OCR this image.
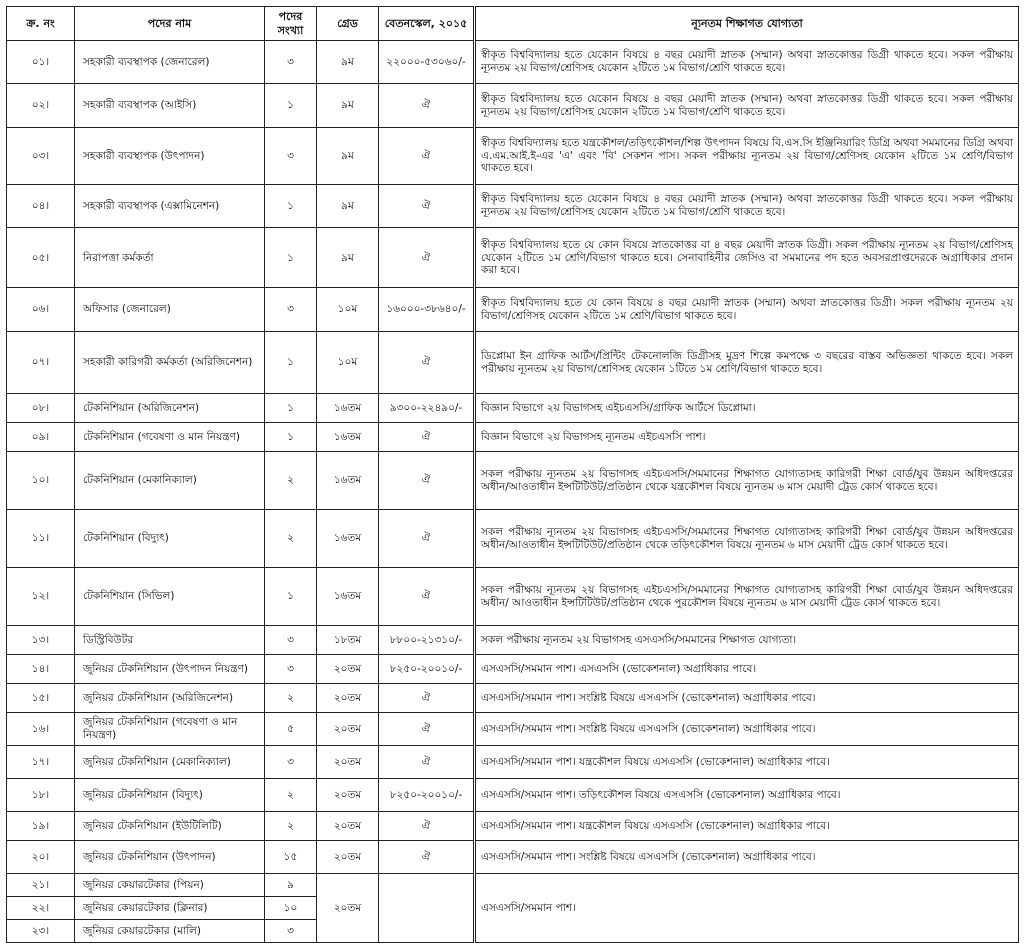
ক্র. নং	পদের নাম	পদের সংখ্যা	গ্রেড	বেতনস্কেল, ২০১৫	ন্যূনতম শিক্ষাগত যোগ্যতা
০১।	সহকারী ব্যবস্থাপক (জেনারেল)	৩	৯ম	২২০০০-৫৩০৬০/-	স্বীকৃত বিশ্ববিদ্যালয় হতে যেকোন বিষয়ে ৪ বছর মেয়াদী স্নাতক (সম্মান) অথবা স্নাতকোত্তর ডিগ্রী থাকতে হবে। সকল পরীক্ষায় ন্যূনতম ২য় বিভাগ/শ্রেণিসহ যেকোন ২টিতে ১ম বিভাগ/শ্রেণি থাকতে হবে।
০২।	সহকারী ব্যবস্থাপক (আইসি)	১	৯ম	ঐ	স্বীকৃত বিশ্ববিদ্যালয় হতে যেকোন বিষয়ে ৪ বছর মেয়াদী স্নাতক (সম্মান) অথবা স্নাতকোত্তর ডিগ্রী থাকতে হবে। সকল পরীক্ষায় ন্যূনতম ২য় বিভাগ/শ্রেণিসহ যেকোন ২টিতে ১ম বিভাগ/শ্রেণি থাকতে হবে।
০৩।	সহকারী ব্যবস্থাপক (উৎপাদন)	৩	৯ম	ঐ	স্বীকৃত বিশ্ববিদ্যালয় হতে যন্ত্রকৌশল/তড়িৎকৌশল/শিল্প উৎপাদন বিষয়ে বি.এস.সি ইঞ্জিনিয়ারিং ডিগ্রি অথবা সমমানের ডিগ্রি অথবা এ.এম.আই.ই-এর 'এ' এবং 'বি' সেকশন পাস। সকল পরীক্ষায় ন্যূনতম ২য় বিভাগ/শ্রেণিসহ যেকোন ২টিতে ১ম শ্রেণি/বিভাগ থাকতে হবে।
০৪।	সহকারী ব্যবস্থাপক (এক্সামিনেশন)	১	৯ম	ঐ	স্বীকৃত বিশ্ববিদ্যালয় হতে যেকোন বিষয়ে ৪ বছর মেয়াদী স্নাতক (সম্মান) অথবা স্নাতকোত্তর ডিগ্রী থাকতে হবে। সকল পরীক্ষায় ন্যূনতম ২য় বিভাগ/শ্রেণিসহ যেকোন ২টিতে ১ম বিভাগ/শ্রেণি থাকতে হবে।
০৫।	নিরাপত্তা কর্মকর্তা	১	৯ম	ঐ	স্বীকৃত বিশ্ববিদ্যালয় হতে যে কোন বিষয়ে স্নাতকোত্তর বা ৪ বছর মেয়াদী স্নাতক ডিগ্রী। সকল পরীক্ষায় ন্যূনতম ২য় বিভাগ/শ্রেণিসহ যেকোন ২টিতে ১ম শ্রেণি/বিভাগ থাকতে হবে। সেনাবাহিনীর জেসিও বা সমমানের পদ হতে অবসরপ্রাপ্তদেরকে অগ্রাধিকার প্রদান করা হবে।
০৬।	অফিসার (জেনারেল)	৩	১০ম	১৬০০০-৩৮৬৪০/-	স্বীকৃত বিশ্ববিদ্যালয় হতে যে কোন বিষয়ে ৪ বছর মেয়াদী স্নাতক (সম্মান) অথবা স্নাতকোত্তর ডিগ্রী। সকল পরীক্ষায় ন্যূনতম ২য় বিভাগ/শ্রেণিসহ যেকোন ২টিতে ১ম শ্রেণি/বিভাগ থাকতে হবে।
০৭।	সহকারী কারিগরী কর্মকর্তা (অরিজিনেশন)	১	১০ম	ঐ	ডিপ্লোমা ইন গ্রাফিক আর্টস/প্রিন্টিং টেকনোলজি ডিগ্রীসহ মুদ্রণ শিল্পে কমপক্ষে ৩ বছরের বাস্তব অভিজ্ঞতা থাকতে হবে। সকল পরীক্ষায় ন্যূনতম ২য় বিভাগ/শ্রেণিসহ যেকোন ১টিতে ১ম শ্রেণি/বিভাগ থাকতে হবে।
০৮।	টেকনিশিয়ান (অরিজিনেশন)	১	১৬তম	৯৩০০-২২৪৯০/-	বিজ্ঞান বিভাগে ২য় বিভাগসহ এইচএসসি/গ্রাফিক আর্টসে ডিপ্লোমা।
০৯।	টেকনিশিয়ান (গবেষণা ও মান নিয়ন্ত্রণ)	১	১৬তম	ঐ	বিজ্ঞান বিভাগে ২য় বিভাগসহ ন্যূনতম এইচএসসি পাশ।
১০।	টেকনিশিয়ান (মেকানিক্যাল)	২	১৬তম	ঐ	সকল পরীক্ষায় ন্যূনতম ২য় বিভাগসহ এইচএসসি/সমমানের শিক্ষাগত যোগ্যতাসহ কারিগরী শিক্ষা বোর্ড/যুব উন্নয়ন অধিদপ্তরের অধীন/আওতাধীন ইন্সটিটিউট/প্রতিষ্ঠান থেকে যন্ত্রকৌশল বিষয়ে ন্যূনতম ৬ মাস মেয়াদী ট্রেড কোর্স থাকতে হবে।
১১।	টেকনিশিয়ান (বিদ্যুৎ)	২	১৬তম	ঐ	সকল পরীক্ষায় ন্যূনতম ২য় বিভাগসহ এইচএসসি/সমমানের শিক্ষাগত যোগ্যতাসহ কারিগরী শিক্ষা বোর্ড/যুব উন্নয়ন অধিদপ্তরের অধীন/আওতাধীন ইন্সটিটিউট/প্রতিষ্ঠান থেকে তড়িৎকৌশল বিষয়ে ন্যূনতম ৬ মাস মেয়াদী ট্রেড কোর্স থাকতে হবে।
১২।	টেকনিশিয়ান (সিভিল)	১	১৬তম	ঐ	সকল পরীক্ষায় ন্যূনতম ২য় বিভাগসহ এইচএসসি/সমমানের শিক্ষাগত যোগ্যতাসহ কারিগরী শিক্ষা বোর্ড/যুব উন্নয়ন অধিদপ্তরের অধীন/ আওতাধীন ইন্সটিটিউট/প্রতিষ্ঠান থেকে পুরকৌশল বিষয়ে ন্যূনতম ৬ মাস মেয়াদী ট্রেড কোর্স থাকতে হবে।
১৩।	ডিস্ট্রিবিউটর	৩	১৮তম	৮৮০০-২১৩১০/-	সকল পরীক্ষায় ন্যূনতম ২য় বিভাগসহ এসএসসি/সমমানের শিক্ষাগত যোগ্যতা।
১৪।	জুনিয়র টেকনিশিয়ান (উৎপাদন নিয়ন্ত্রণ)	৩	২০তম	৮২৫০-২০০১০/-	এসএসসি/সমমান পাশ। এসএসসি (ভোকেশনাল) অগ্রাধিকার পাবে।
১৫।	জুনিয়র টেকনিশিয়ান (অরিজিনেশন)	২	২০তম	ঐ	এসএসসি/সমমান পাশ। সংশ্লিষ্ট বিষয়ে এসএসসি (ভোকেশনাল) অগ্রাধিকার পাবে।
১৬।	জুনিয়র টেকনিশিয়ান (গবেষণা ও মান নিয়ন্ত্রণ)	৫	২০তম	ঐ	এসএসসি/সমমান পাশ। সংশ্লিষ্ট বিষয়ে এসএসসি (ভোকেশনাল) অগ্রাধিকার পাবে।
১৭।	জুনিয়র টেকনিশিয়ান (মেকানিক্যাল)	৩	২০তম	ঐ	এসএসসি/সমমান পাশ। যন্ত্রকৌশল বিষয়ে এসএসসি (ভোকেশনাল) অগ্রাধিকার পাবে।
১৮।	জুনিয়র টেকনিশিয়ান (বিদ্যুৎ)	২	২০তম	৮২৫০-২০০১০/-	এসএসসি/সমমান পাশ। তড়িৎকৌশল বিষয়ে এসএসসি (ভোকেশনাল) অগ্রাধিকার পাবে।
১৯।	জুনিয়র টেকনিশিয়ান (ইউটিলিটি)	২	২০তম	ঐ	এসএসসি/সমমান পাশ। যন্ত্রকৌশল বিষয়ে এসএসসি (ভোকেশনাল) অগ্রাধিকার পাবে।
২০।	জুনিয়র টেকনিশিয়ান (উৎপাদন)	১৫	২০তম	ঐ	এসএসসি/সমমান পাশ। সংশ্লিষ্ট বিষয়ে এসএসসি (ভোকেশনাল) অগ্রাধিকার পাবে।
২১।	জুনিয়র কেয়ারটেকার (পিয়ন)	৯	২০তম		এসএসসি/সমমান পাশ।
২২।	জুনিয়র কেয়ারটেকার (ক্লিনার)	১০			
২৩।	জুনিয়র কেয়ারটেকার (মালি)	৩			
